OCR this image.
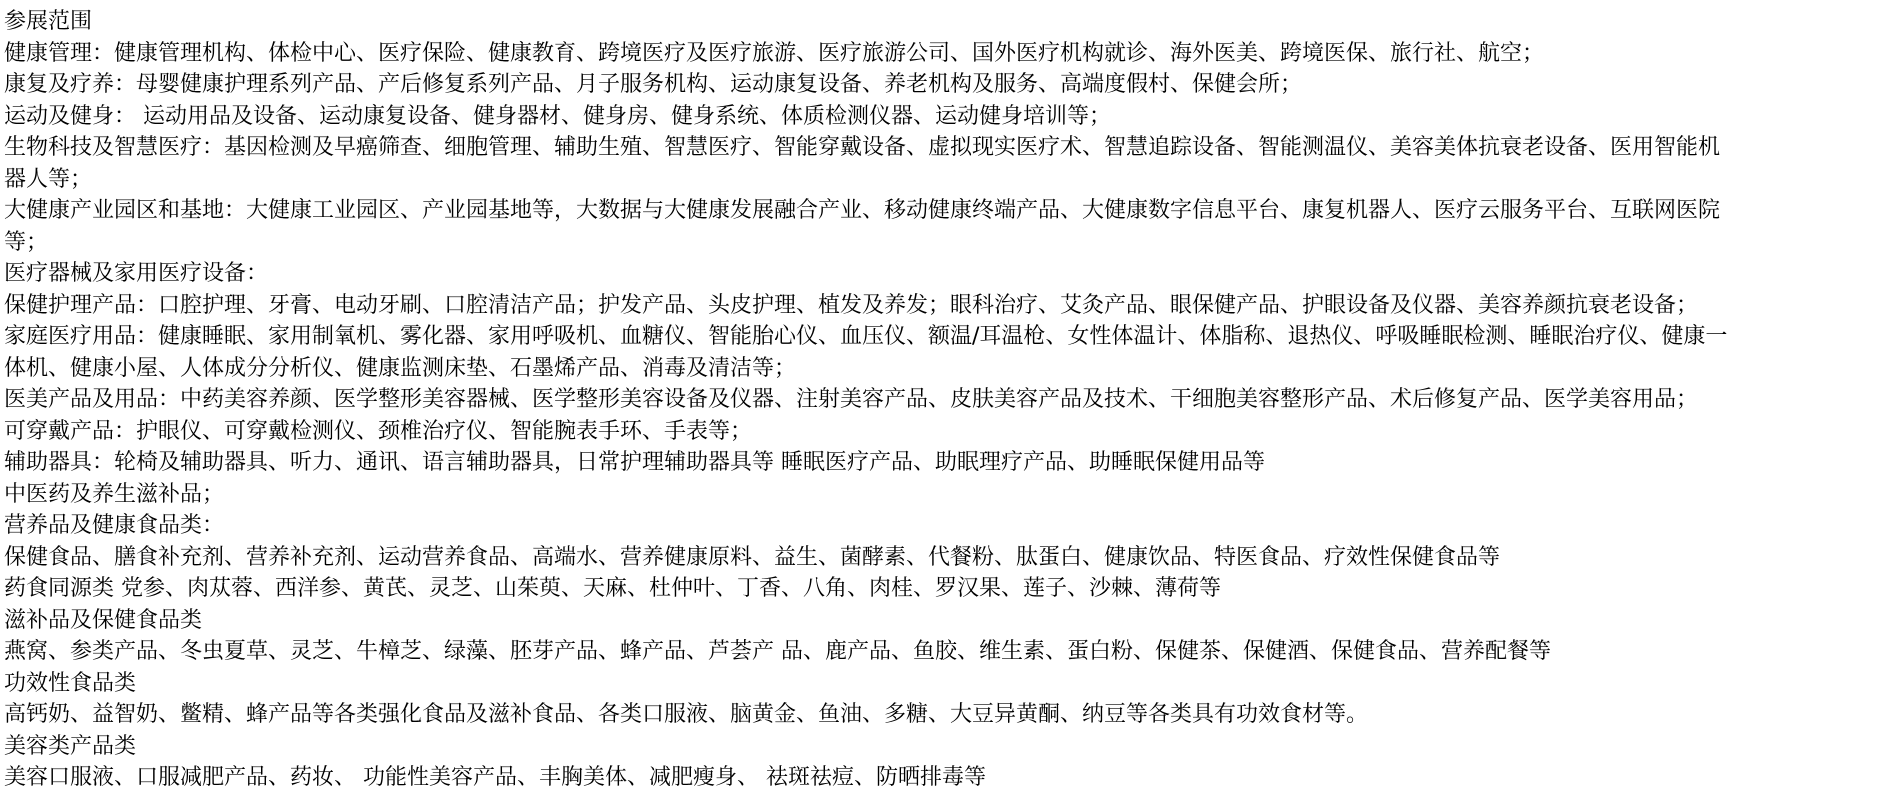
参展范围
健康管理：健康管理机构、体检中心、医疗保险、健康教育、跨境医疗及医疗旅游、医疗旅游公司、国外医疗机构就诊、海外医美、跨境医保、旅行社、航空；
康复及疗养：母婴健康护理系列产品、产后修复系列产品、月子服务机构、运动康复设备、养老机构及服务、高端度假村、保健会所；
运动及健身： 运动用品及设备、运动康复设备、健身器材、健身房、健身系统、体质检测仪器、运动健身培训等；
生物科技及智慧医疗：基因检测及早癌筛查、细胞管理、辅助生殖、智慧医疗、智能穿戴设备、虚拟现实医疗术、智慧追踪设备、智能测温仪、美容美体抗衰老设备、医用智能机
器人等；
大健康产业园区和基地：大健康工业园区、产业园基地等，大数据与大健康发展融合产业、移动健康终端产品、大健康数字信息平台、康复机器人、医疗云服务平台、互联网医院
等；
医疗器械及家用医疗设备：
保健护理产品：口腔护理、牙膏、电动牙刷、口腔清洁产品；护发产品、头皮护理、植发及养发；眼科治疗、艾灸产品、眼保健产品、护眼设备及仪器、美容养颜抗衰老设备；
家庭医疗用品：健康睡眠、家用制氧机、雾化器、家用呼吸机、血糖仪、智能胎心仪、血压仪、额温/耳温枪、女性体温计、体脂称、退热仪、呼吸睡眠检测、睡眠治疗仪、健康一
体机、健康小屋、人体成分分析仪、健康监测床垫、石墨烯产品、消毒及清洁等；
医美产品及用品：中药美容养颜、医学整形美容器械、医学整形美容设备及仪器、注射美容产品、皮肤美容产品及技术、干细胞美容整形产品、术后修复产品、医学美容用品；
可穿戴产品：护眼仪、可穿戴检测仪、颈椎治疗仪、智能腕表手环、手表等；
辅助器具：轮椅及辅助器具、听力、通讯、语言辅助器具，日常护理辅助器具等 睡眠医疗产品、助眠理疗产品、助睡眠保健用品等
中医药及养生滋补品；
营养品及健康食品类：
保健食品、膳食补充剂、营养补充剂、运动营养食品、高端水、营养健康原料、益生、菌酵素、代餐粉、肽蛋白、健康饮品、特医食品、疗效性保健食品等
药食同源类 党参、肉苁蓉、西洋参、黄芪、灵芝、山茱萸、天麻、杜仲叶、丁香、八角、肉桂、罗汉果、莲子、沙棘、薄荷等
滋补品及保健食品类
燕窝、参类产品、冬虫夏草、灵芝、牛樟芝、绿藻、胚芽产品、蜂产品、芦荟产 品、鹿产品、鱼胶、维生素、蛋白粉、保健茶、保健酒、保健食品、营养配餐等
功效性食品类
高钙奶、益智奶、鳖精、蜂产品等各类强化食品及滋补食品、各类口服液、脑黄金、鱼油、多糖、大豆异黄酮、纳豆等各类具有功效食材等。
美容类产品类
美容口服液、口服减肥产品、药妆、 功能性美容产品、丰胸美体、减肥瘦身、 祛斑祛痘、防晒排毒等
